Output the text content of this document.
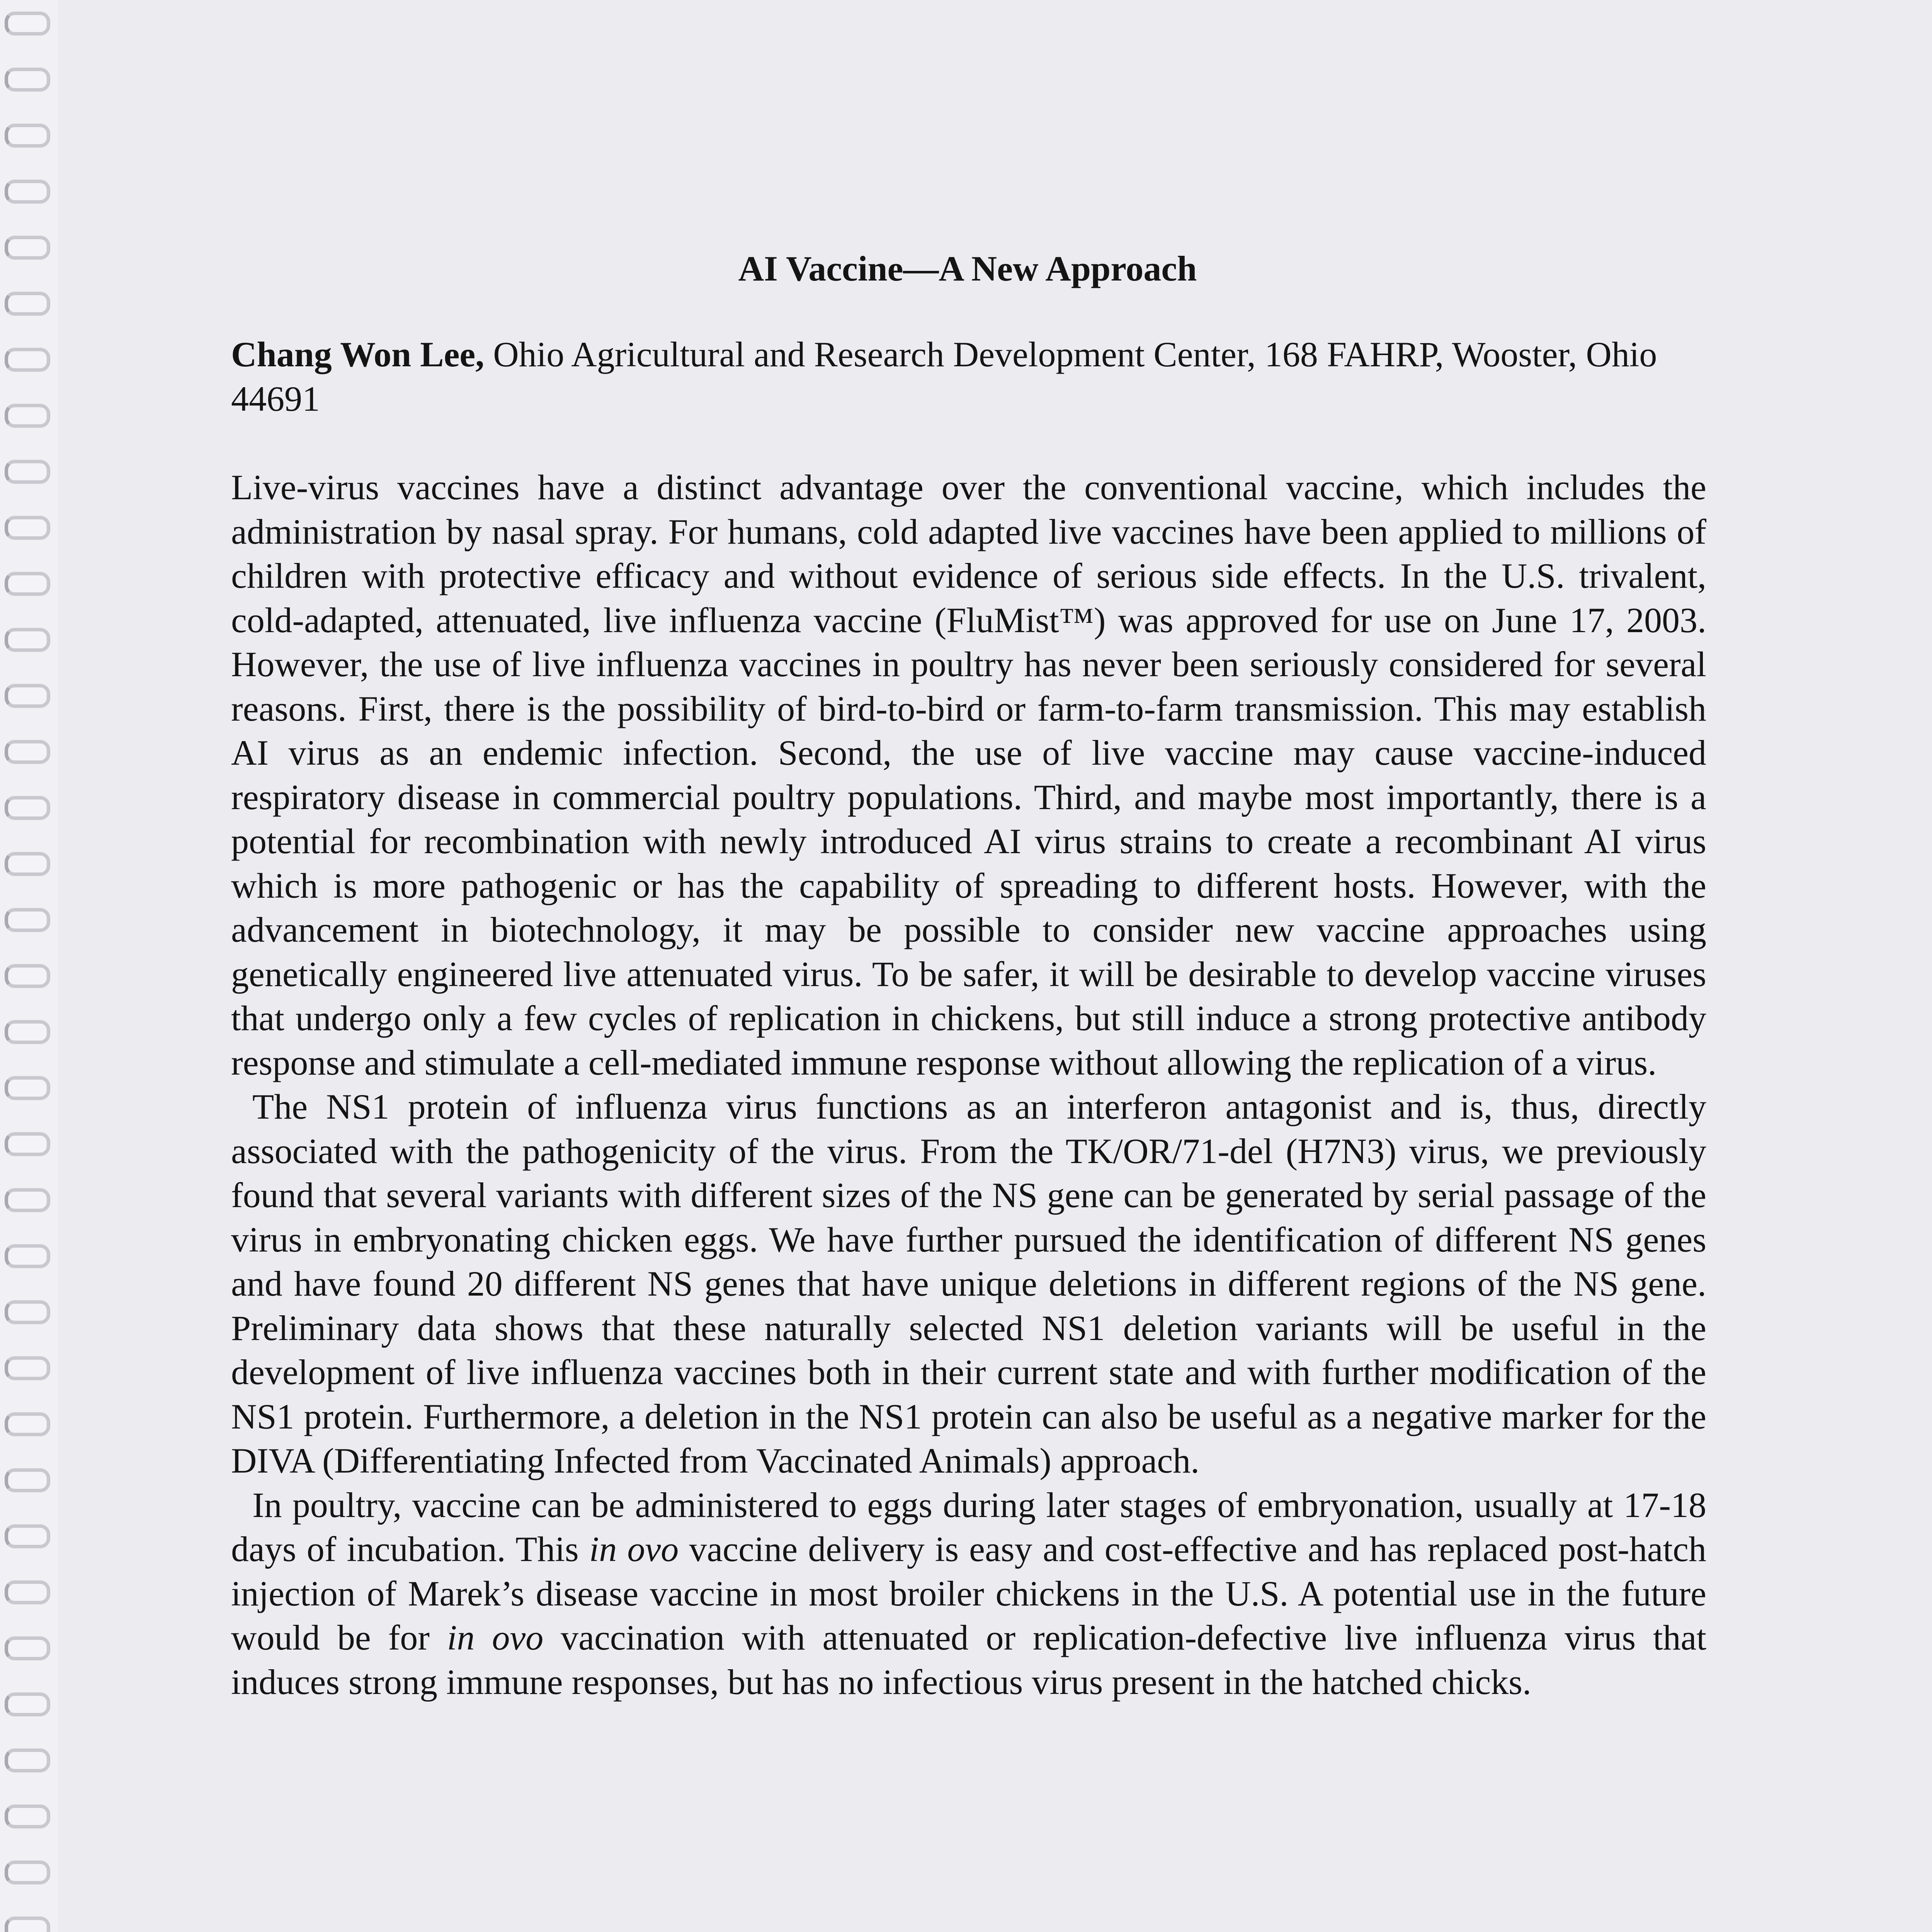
AI Vaccine—A New Approach

Chang Won Lee, Ohio Agricultural and Research Development Center, 168 FAHRP, Wooster, Ohio 44691

Live-virus vaccines have a distinct advantage over the conventional vaccine, which includes the administration by nasal spray. For humans, cold adapted live vaccines have been applied to millions of children with protective efficacy and without evidence of serious side effects. In the U.S. trivalent, cold-adapted, attenuated, live influenza vaccine (FluMist™) was approved for use on June 17, 2003. However, the use of live influenza vaccines in poultry has never been seriously considered for several reasons. First, there is the possibility of bird-to-bird or farm-to-farm transmission. This may establish AI virus as an endemic infection. Second, the use of live vaccine may cause vaccine-induced respiratory disease in commercial poultry populations. Third, and maybe most importantly, there is a potential for recombination with newly introduced AI virus strains to create a recombinant AI virus which is more pathogenic or has the capability of spreading to different hosts. However, with the advancement in biotechnology, it may be possible to consider new vaccine approaches using genetically engineered live attenuated virus. To be safer, it will be desirable to develop vaccine viruses that undergo only a few cycles of replication in chickens, but still induce a strong protective antibody response and stimulate a cell-mediated immune response without allowing the replication of a virus.

The NS1 protein of influenza virus functions as an interferon antagonist and is, thus, directly associated with the pathogenicity of the virus. From the TK/OR/71-del (H7N3) virus, we previously found that several variants with different sizes of the NS gene can be generated by serial passage of the virus in embryonating chicken eggs. We have further pursued the identification of different NS genes and have found 20 different NS genes that have unique deletions in different regions of the NS gene. Preliminary data shows that these naturally selected NS1 deletion variants will be useful in the development of live influenza vaccines both in their current state and with further modification of the NS1 protein. Furthermore, a deletion in the NS1 protein can also be useful as a negative marker for the DIVA (Differentiating Infected from Vaccinated Animals) approach.

In poultry, vaccine can be administered to eggs during later stages of embryonation, usually at 17-18 days of incubation. This in ovo vaccine delivery is easy and cost-effective and has replaced post-hatch injection of Marek’s disease vaccine in most broiler chickens in the U.S. A potential use in the future would be for in ovo vaccination with attenuated or replication-defective live influenza virus that induces strong immune responses, but has no infectious virus present in the hatched chicks.
